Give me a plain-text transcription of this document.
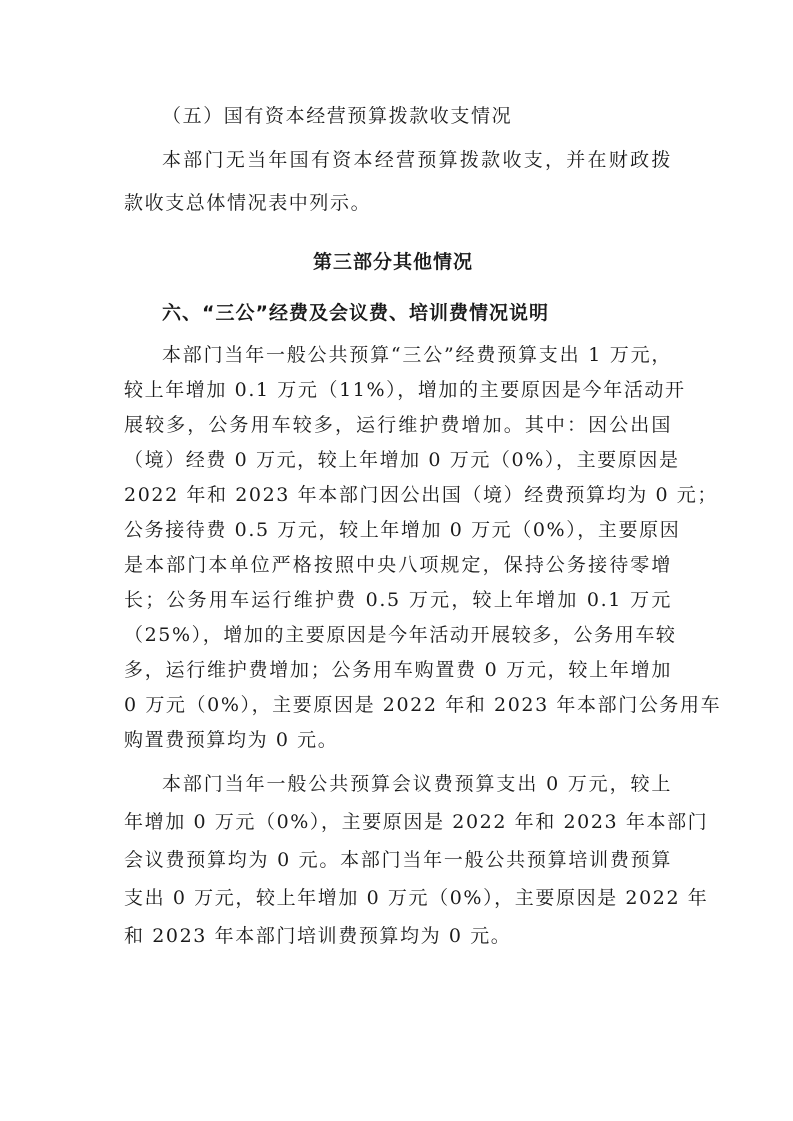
（五）国有资本经营预算拨款收支情况
本部门无当年国有资本经营预算拨款收支，并在财政拨
款收支总体情况表中列示。
第三部分其他情况
六、“三公”经费及会议费、培训费情况说明
本部门当年一般公共预算“三公”经费预算支出 1 万元，
较上年增加 0.1 万元（11%），增加的主要原因是今年活动开
展较多，公务用车较多，运行维护费增加。其中：因公出国
（境）经费 0 万元，较上年增加 0 万元（0%），主要原因是
2022 年和 2023 年本部门因公出国（境）经费预算均为 0 元；
公务接待费 0.5 万元，较上年增加 0 万元（0%），主要原因
是本部门本单位严格按照中央八项规定，保持公务接待零增
长；公务用车运行维护费 0.5 万元，较上年增加 0.1 万元
（25%），增加的主要原因是今年活动开展较多，公务用车较
多，运行维护费增加；公务用车购置费 0 万元，较上年增加
0 万元（0%），主要原因是 2022 年和 2023 年本部门公务用车
购置费预算均为 0 元。
本部门当年一般公共预算会议费预算支出 0 万元，较上
年增加 0 万元（0%），主要原因是 2022 年和 2023 年本部门
会议费预算均为 0 元。本部门当年一般公共预算培训费预算
支出 0 万元，较上年增加 0 万元（0%），主要原因是 2022 年
和 2023 年本部门培训费预算均为 0 元。
